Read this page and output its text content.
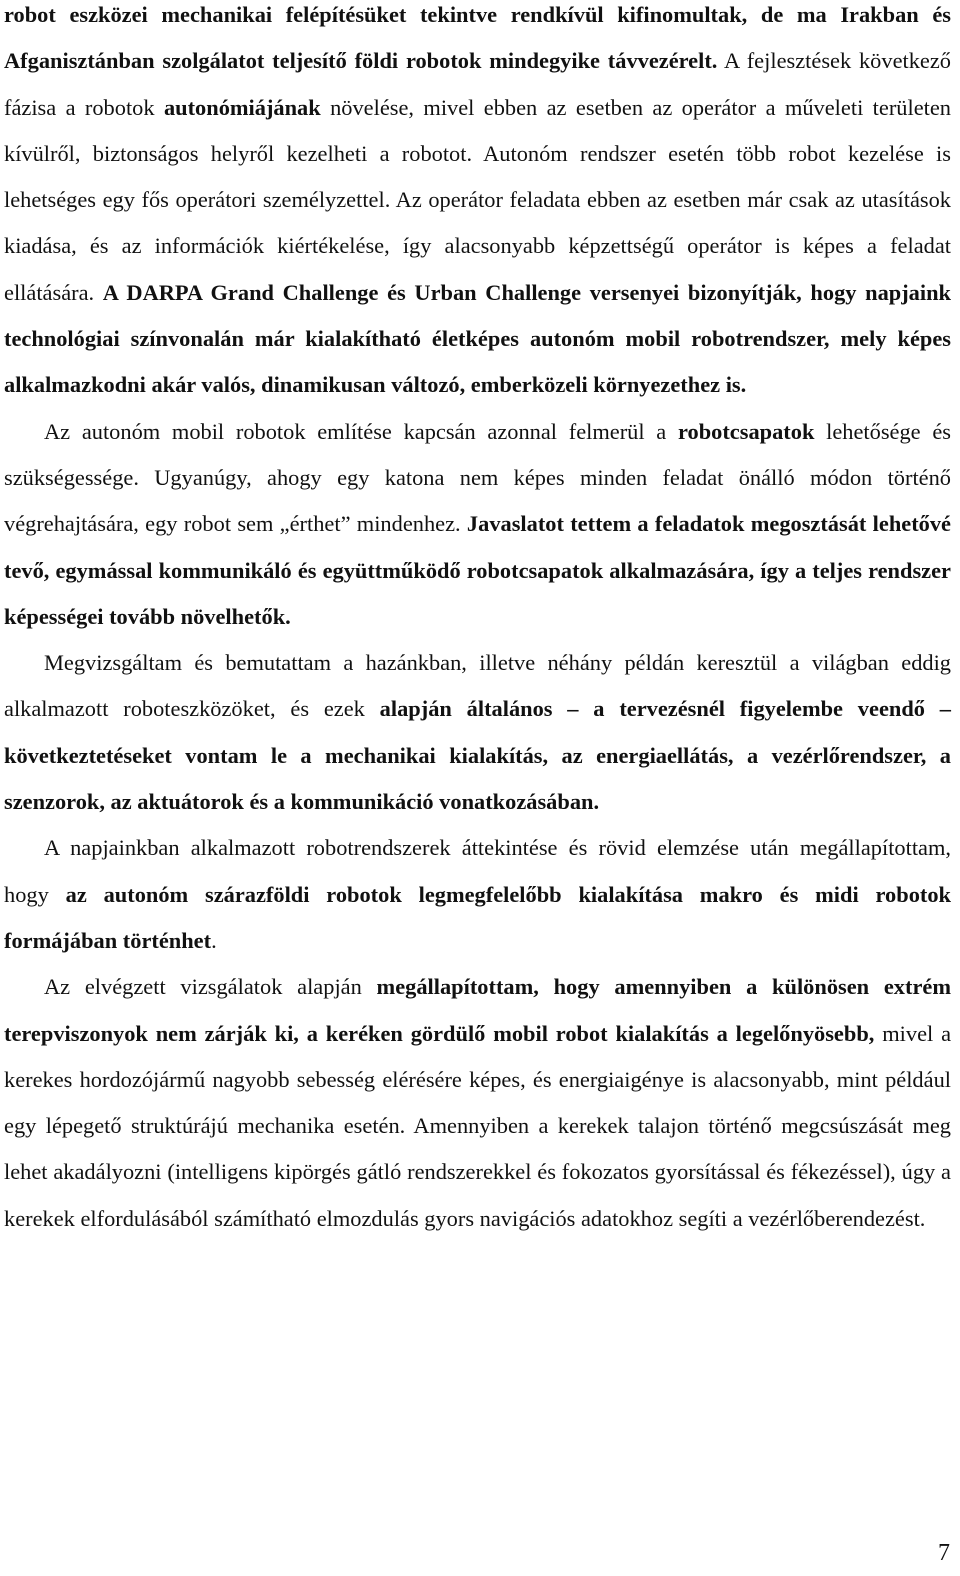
robot eszközei mechanikai felépítésüket tekintve rendkívül kifinomultak, de ma Irakban és Afganisztánban szolgálatot teljesítő földi robotok mindegyike távvezérelt. A fejlesztések következő fázisa a robotok autonómiájának növelése, mivel ebben az esetben az operátor a műveleti területen kívülről, biztonságos helyről kezelheti a robotot. Autonóm rendszer esetén több robot kezelése is lehetséges egy fős operátori személyzettel. Az operátor feladata ebben az esetben már csak az utasítások kiadása, és az információk kiértékelése, így alacsonyabb képzettségű operátor is képes a feladat ellátására. A DARPA Grand Challenge és Urban Challenge versenyei bizonyítják, hogy napjaink technológiai színvonalán már kialakítható életképes autonóm mobil robotrendszer, mely képes alkalmazkodni akár valós, dinamikusan változó, emberközeli környezethez is.

Az autonóm mobil robotok említése kapcsán azonnal felmerül a robotcsapatok lehetősége és szükségessége. Ugyanúgy, ahogy egy katona nem képes minden feladat önálló módon történő végrehajtására, egy robot sem „érthet” mindenhez. Javaslatot tettem a feladatok megosztását lehetővé tevő, egymással kommunikáló és együttműködő robotcsapatok alkalmazására, így a teljes rendszer képességei tovább növelhetők.

Megvizsgáltam és bemutattam a hazánkban, illetve néhány példán keresztül a világban eddig alkalmazott roboteszközöket, és ezek alapján általános – a tervezésnél figyelembe veendő – következtetéseket vontam le a mechanikai kialakítás, az energiaellátás, a vezérlőrendszer, a szenzorok, az aktuátorok és a kommunikáció vonatkozásában.

A napjainkban alkalmazott robotrendszerek áttekintése és rövid elemzése után megállapítottam, hogy az autonóm szárazföldi robotok legmegfelelőbb kialakítása makro és midi robotok formájában történhet.

Az elvégzett vizsgálatok alapján megállapítottam, hogy amennyiben a különösen extrém terepviszonyok nem zárják ki, a keréken gördülő mobil robot kialakítás a legelőnyösebb, mivel a kerekes hordozójármű nagyobb sebesség elérésére képes, és energiaigénye is alacsonyabb, mint például egy lépegető struktúrájú mechanika esetén. Amennyiben a kerekek talajon történő megcsúszását meg lehet akadályozni (intelligens kipörgés gátló rendszerekkel és fokozatos gyorsítással és fékezéssel), úgy a kerekek elfordulásából számítható elmozdulás gyors navigációs adatokhoz segíti a vezérlőberendezést.

7
